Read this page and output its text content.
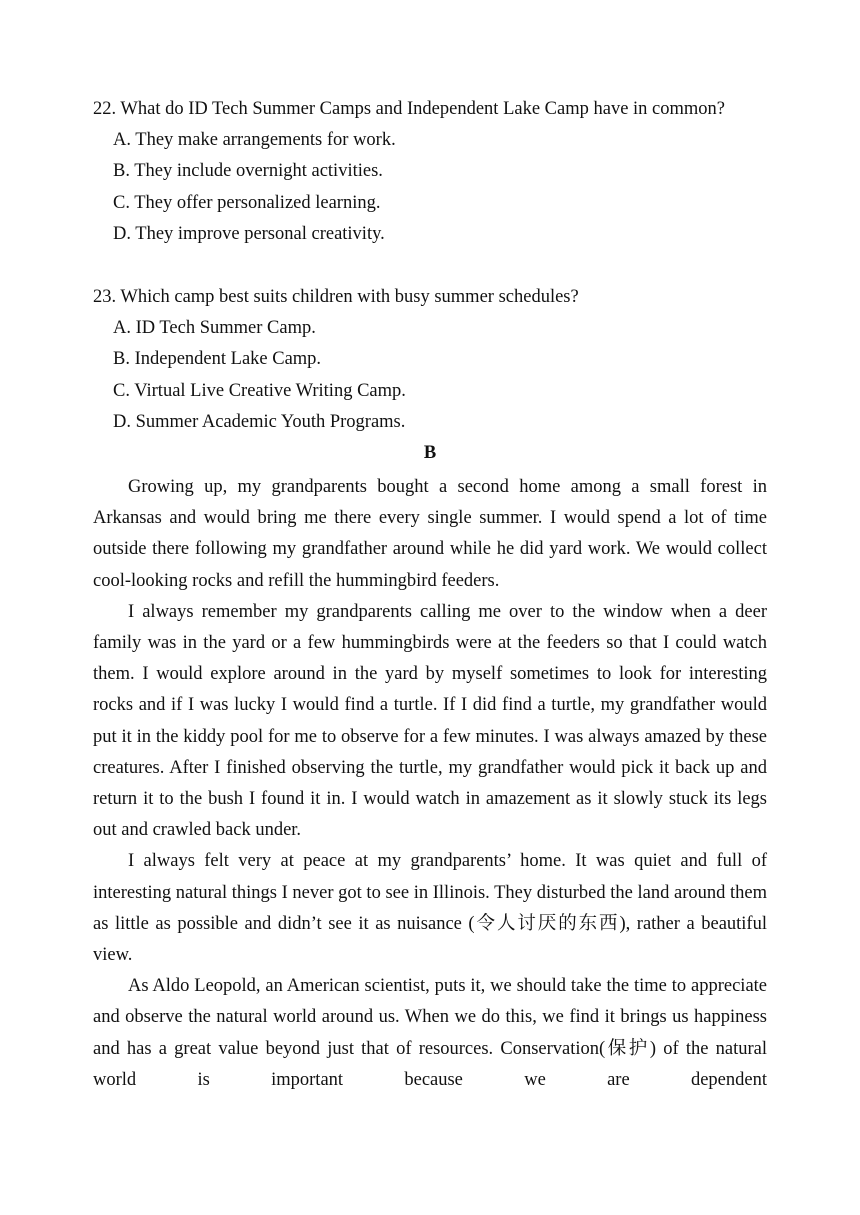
22. What do ID Tech Summer Camps and Independent Lake Camp have in common?

A. They make arrangements for work.

B. They include overnight activities.

C. They offer personalized learning.

D. They improve personal creativity.

23. Which camp best suits children with busy summer schedules?

A. ID Tech Summer Camp.

B. Independent Lake Camp.

C. Virtual Live Creative Writing Camp.

D. Summer Academic Youth Programs.

B

Growing up, my grandparents bought a second home among a small forest in Arkansas and would bring me there every single summer. I would spend a lot of time outside there following my grandfather around while he did yard work. We would collect cool-looking rocks and refill the hummingbird feeders.

I always remember my grandparents calling me over to the window when a deer family was in the yard or a few hummingbirds were at the feeders so that I could watch them. I would explore around in the yard by myself sometimes to look for interesting rocks and if I was lucky I would find a turtle. If I did find a turtle, my grandfather would put it in the kiddy pool for me to observe for a few minutes. I was always amazed by these creatures. After I finished observing the turtle, my grandfather would pick it back up and return it to the bush I found it in. I would watch in amazement as it slowly stuck its legs out and crawled back under.

I always felt very at peace at my grandparents’ home. It was quiet and full of interesting natural things I never got to see in Illinois. They disturbed the land around them as little as possible and didn’t see it as nuisance (令人讨厌的东西), rather a beautiful view.

As Aldo Leopold, an American scientist, puts it, we should take the time to appreciate and observe the natural world around us. When we do this, we find it brings us happiness and has a great value beyond just that of resources. Conservation(保护) of the natural world is important because we are dependent
